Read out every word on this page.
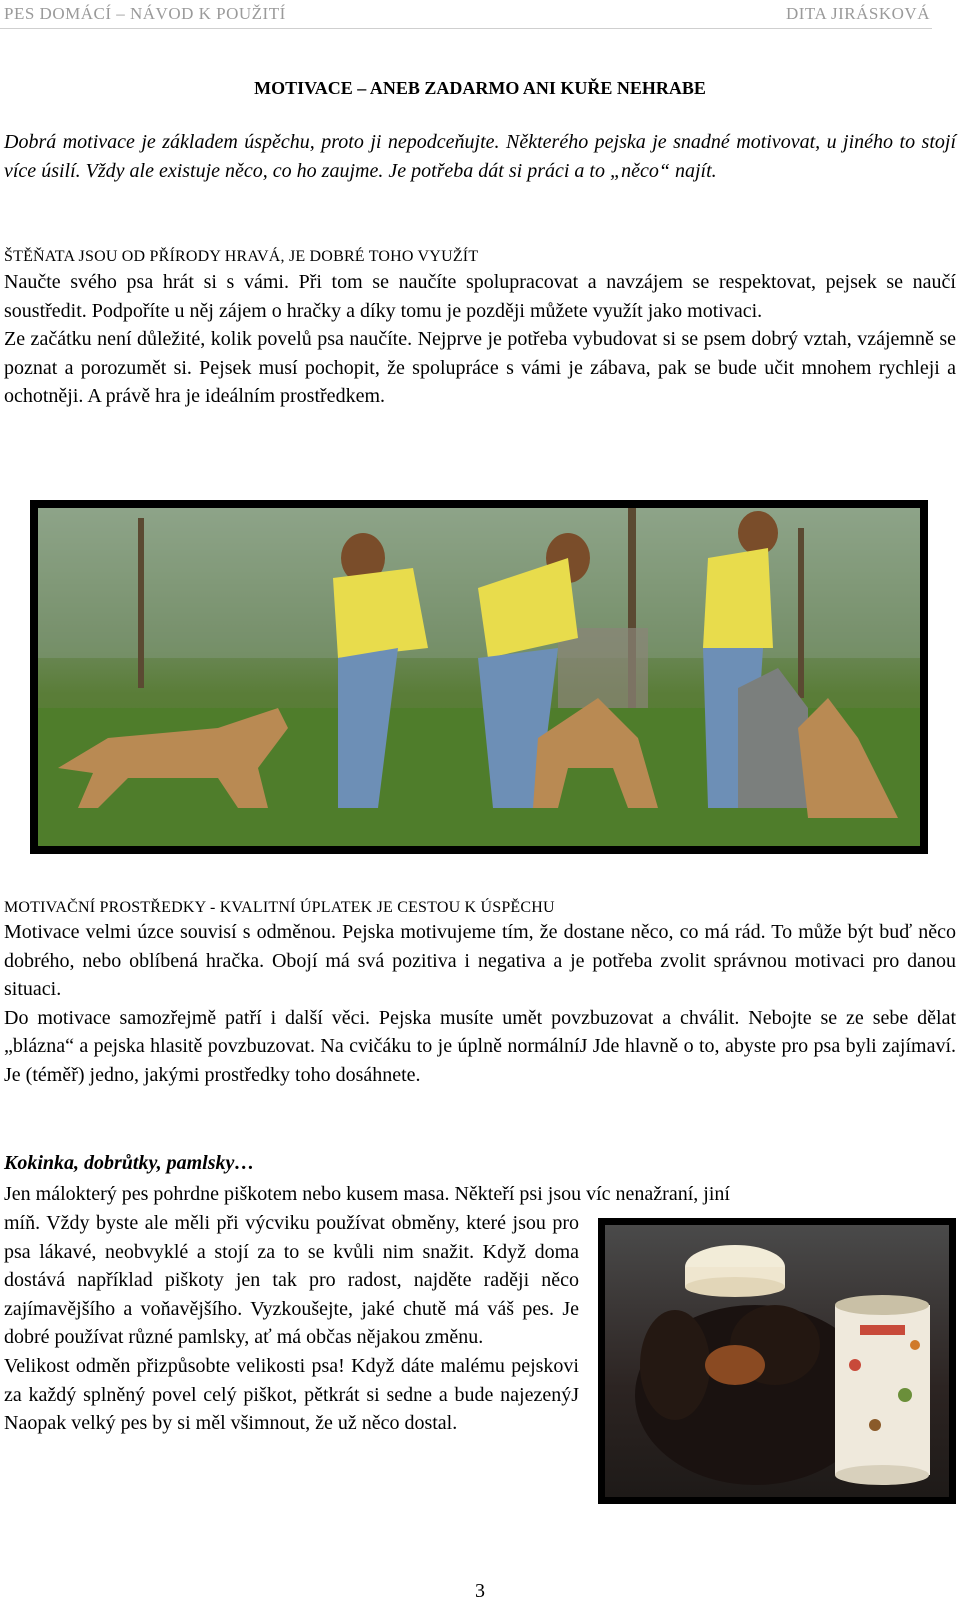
PES DOMÁCÍ – NÁVOD K POUŽITÍ	DITA JIRÁSKOVÁ
MOTIVACE – ANEB ZADARMO ANI KUŘE NEHRABE

Dobrá motivace je základem úspěchu, proto ji nepodceňujte. Některého pejska je snadné motivovat, u jiného to stojí více úsilí. Vždy ale existuje něco, co ho zaujme. Je potřeba dát si práci a to „něco“ najít.

ŠTĚŇATA JSOU OD PŘÍRODY HRAVÁ, JE DOBRÉ TOHO VYUŽÍT
Naučte svého psa hrát si s vámi. Při tom se naučíte spolupracovat a navzájem se respektovat, pejsek se naučí soustředit. Podpoříte u něj zájem o hračky a díky tomu je později můžete využít jako motivaci.
Ze začátku není důležité, kolik povelů psa naučíte. Nejprve je potřeba vybudovat si se psem dobrý vztah, vzájemně se poznat a porozumět si. Pejsek musí pochopit, že spolupráce s vámi je zábava, pak se bude učit mnohem rychleji a ochotněji. A právě hra je ideálním prostředkem.
MOTIVAČNÍ PROSTŘEDKY - KVALITNÍ ÚPLATEK JE CESTOU K ÚSPĚCHU
Motivace velmi úzce souvisí s odměnou. Pejska motivujeme tím, že dostane něco, co má rád. To může být buď něco dobrého, nebo oblíbená hračka. Obojí má svá pozitiva i negativa a je potřeba zvolit správnou motivaci pro danou situaci.
Do motivace samozřejmě patří i další věci. Pejska musíte umět povzbuzovat a chválit. Nebojte se ze sebe dělat „blázna“ a pejska hlasitě povzbuzovat. Na cvičáku to je úplně normálníJ Jde hlavně o to, abyste pro psa byli zajímaví. Je (téměř) jedno, jakými prostředky toho dosáhnete.
Kokinka, dobrůtky, pamlsky…
Jen málokterý pes pohrdne piškotem nebo kusem masa. Někteří psi jsou víc nenažraní, jiní
míň. Vždy byste ale měli při výcviku používat obměny, které jsou pro psa lákavé, neobvyklé a stojí za to se kvůli nim snažit. Když doma dostává například piškoty jen tak pro radost, najděte raději něco zajímavějšího a voňavějšího. Vyzkoušejte, jaké chutě má váš pes. Je dobré používat různé pamlsky, ať má občas nějakou změnu.
Velikost odměn přizpůsobte velikosti psa! Když dáte malému pejskovi za každý splněný povel celý piškot, pětkrát si sedne a bude najezenýJ Naopak velký pes by si měl všimnout, že už něco dostal.
3
